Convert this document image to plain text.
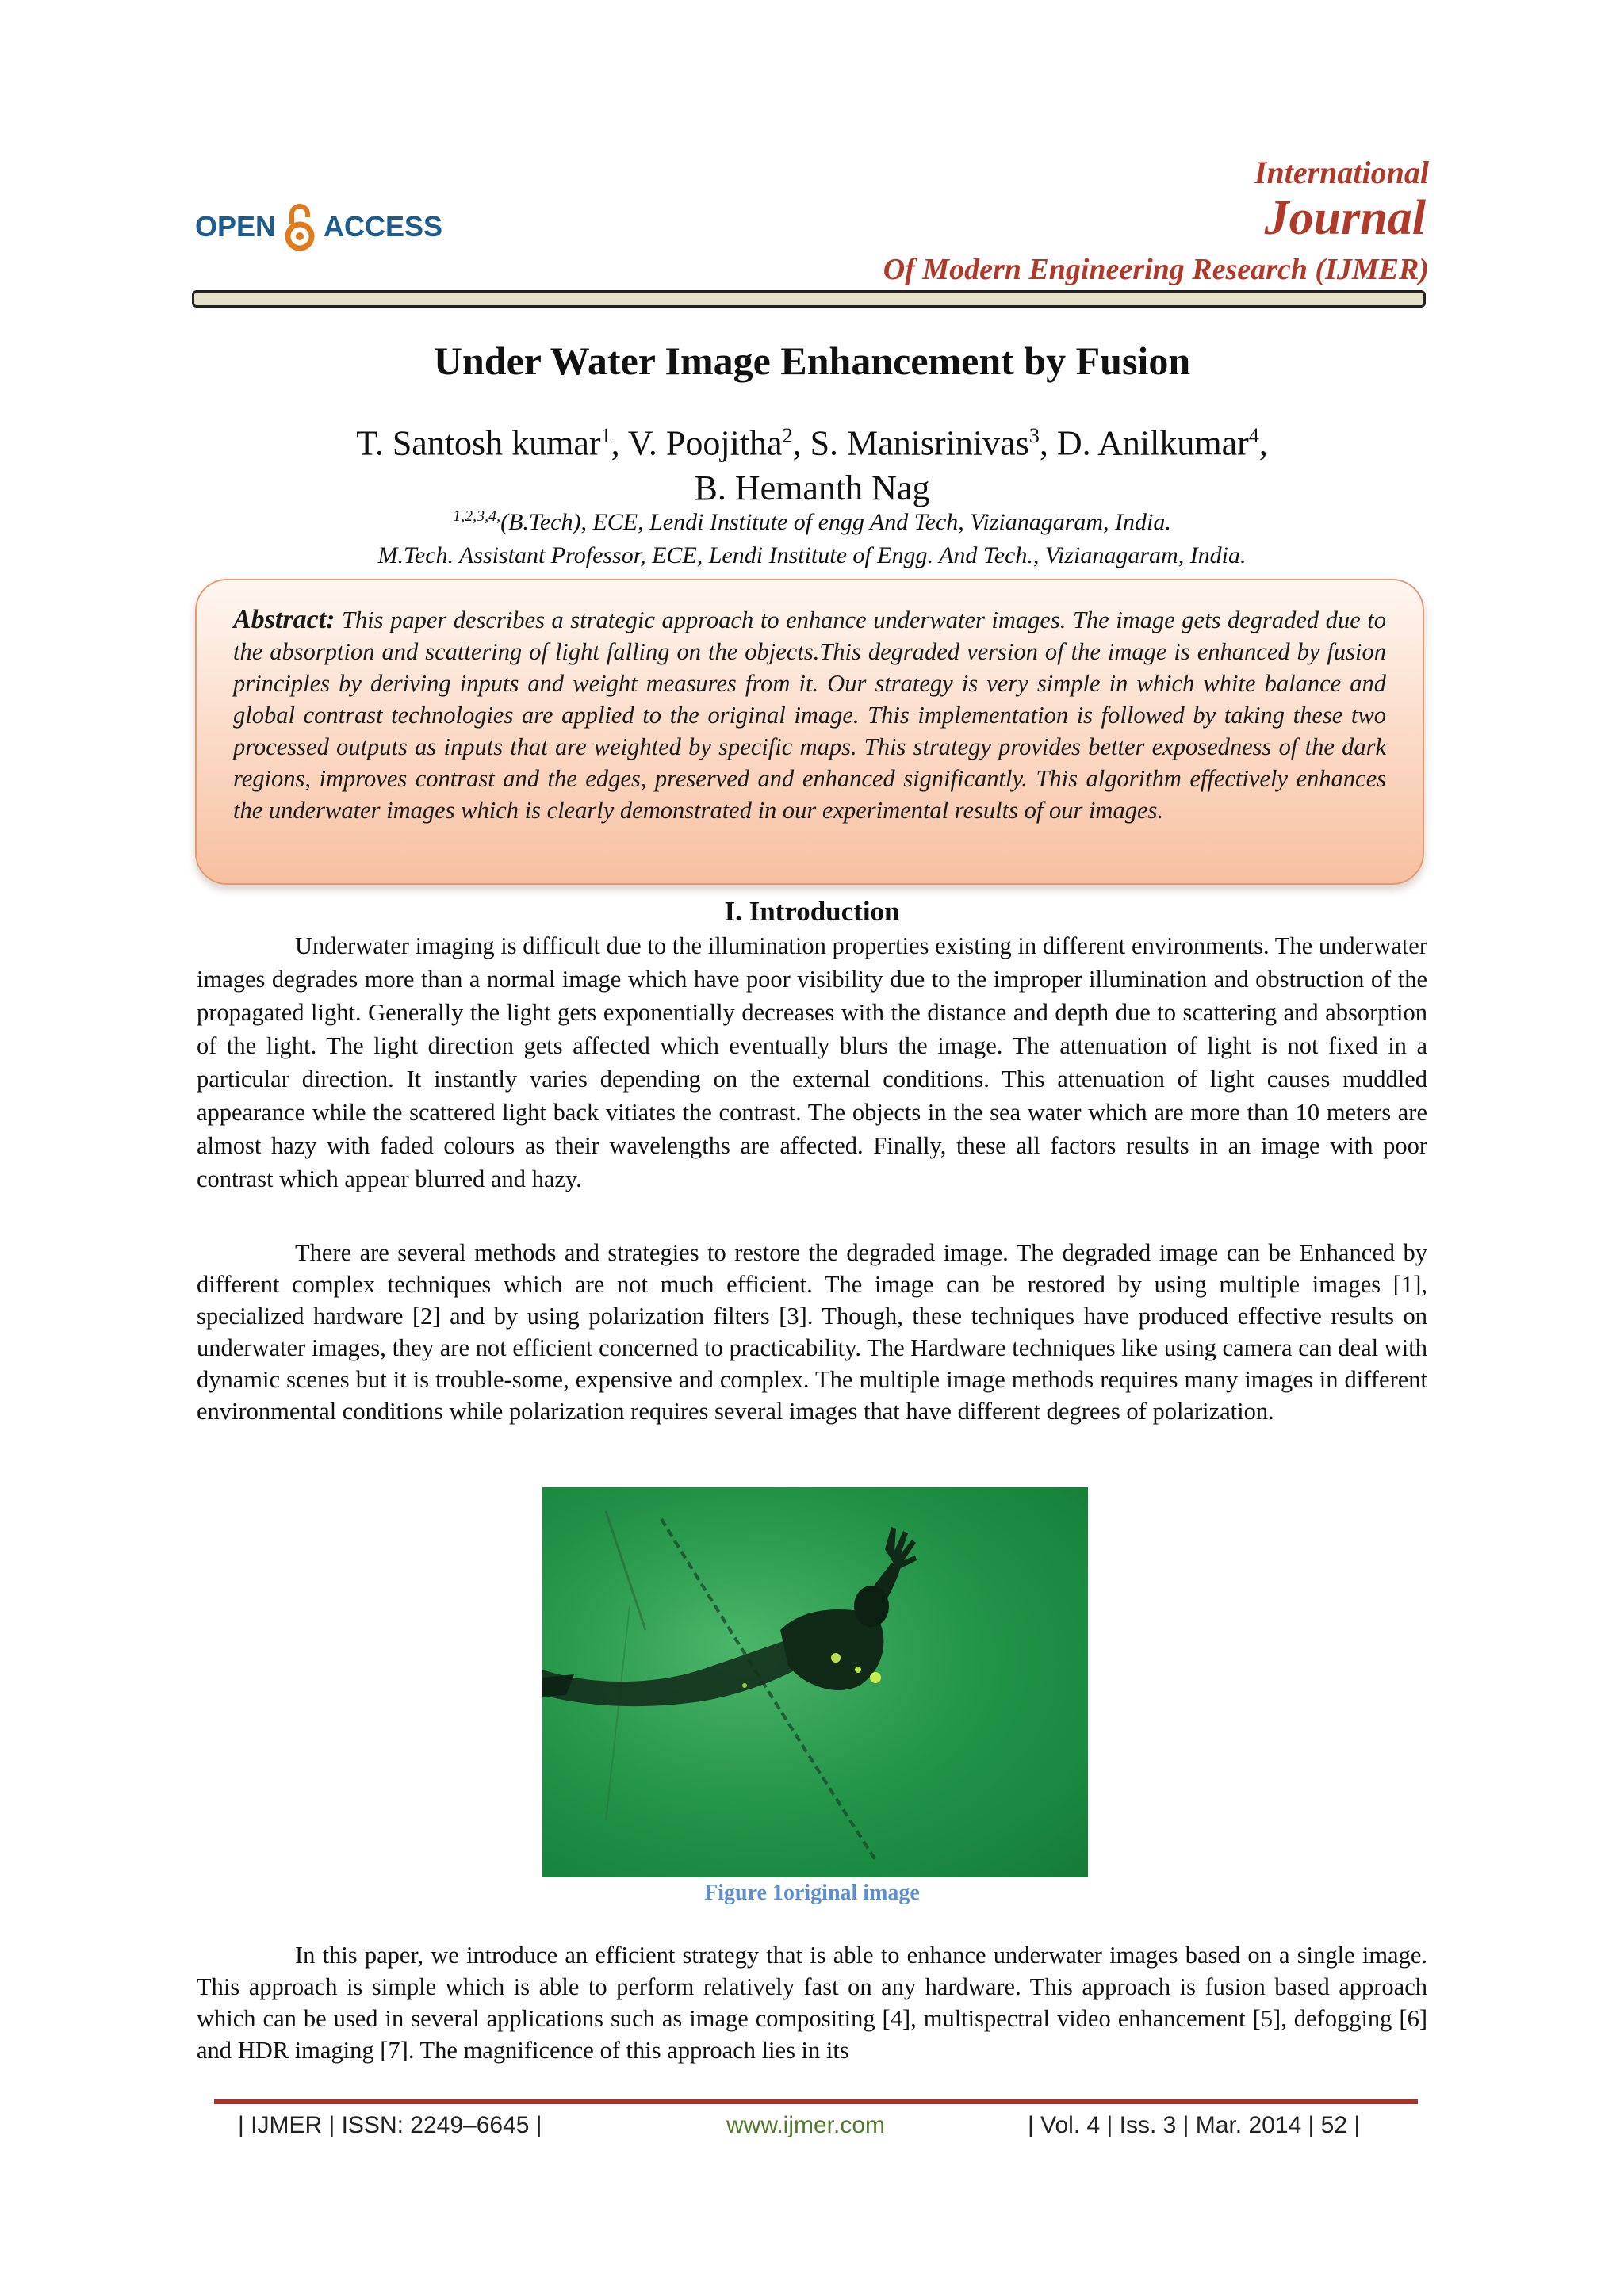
OPEN ACCESS
International
Journal
Of Modern Engineering Research (IJMER)
Under Water Image Enhancement by Fusion
T. Santosh kumar$^1$, V. Poojitha$^2$, S. Manisrinivas$^3$, D. Anilkumar$^4$,
B. Hemanth Nag
$^{1,2,3,4,}$(B.Tech), ECE, Lendi Institute of engg And Tech, Vizianagaram, India.
M.Tech. Assistant Professor, ECE, Lendi Institute of Engg. And Tech., Vizianagaram, India.
Abstract: This paper describes a strategic approach to enhance underwater images. The image gets degraded due to the absorption and scattering of light falling on the objects.This degraded version of the image is enhanced by fusion principles by deriving inputs and weight measures from it. Our strategy is very simple in which white balance and global contrast technologies are applied to the original image. This implementation is followed by taking these two processed outputs as inputs that are weighted by specific maps. This strategy provides better exposedness of the dark regions, improves contrast and the edges, preserved and enhanced significantly. This algorithm effectively enhances the underwater images which is clearly demonstrated in our experimental results of our images.
I. Introduction
Underwater imaging is difficult due to the illumination properties existing in different environments. The underwater images degrades more than a normal image which have poor visibility due to the improper illumination and obstruction of the propagated light. Generally the light gets exponentially decreases with the distance and depth due to scattering and absorption of the light. The light direction gets affected which eventually blurs the image. The attenuation of light is not fixed in a particular direction. It instantly varies depending on the external conditions. This attenuation of light causes muddled appearance while the scattered light back vitiates the contrast. The objects in the sea water which are more than 10 meters are almost hazy with faded colours as their wavelengths are affected. Finally, these all factors results in an image with poor contrast which appear blurred and hazy.
There are several methods and strategies to restore the degraded image. The degraded image can be Enhanced by different complex techniques which are not much efficient. The image can be restored by using multiple images [1], specialized hardware [2] and by using polarization filters [3]. Though, these techniques have produced effective results on underwater images, they are not efficient concerned to practicability. The Hardware techniques like using camera can deal with dynamic scenes but it is trouble-some, expensive and complex. The multiple image methods requires many images in different environmental conditions while polarization requires several images that have different degrees of polarization.
Figure 1original image
In this paper, we introduce an efficient strategy that is able to enhance underwater images based on a single image. This approach is simple which is able to perform relatively fast on any hardware. This approach is fusion based approach which can be used in several applications such as image compositing [4], multispectral video enhancement [5], defogging [6] and HDR imaging [7]. The magnificence of this approach lies in its
| IJMER | ISSN: 2249–6645 |	www.ijmer.com	| Vol. 4 | Iss. 3 | Mar. 2014 | 52 |
